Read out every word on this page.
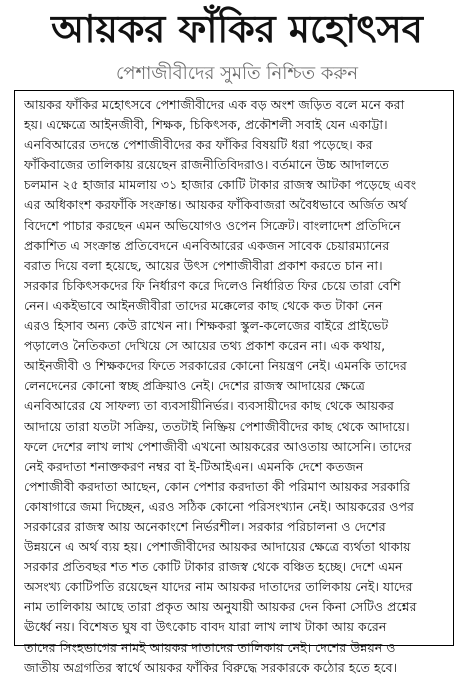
আয়কর ফাঁকির মহোৎসব
পেশাজীবীদের সুমতি নিশ্চিত করুন
আয়কর ফাঁকির মহোৎসবে পেশাজীবীদের এক বড় অংশ জড়িত বলে মনে করা
হয়। এক্ষেত্রে আইনজীবী, শিক্ষক, চিকিৎসক, প্রকৌশলী সবাই যেন একাট্টা।
এনবিআরের তদন্তে পেশাজীবীদের কর ফাঁকির বিষয়টি ধরা পড়েছে। কর
ফাঁকিবাজের তালিকায় রয়েছেন রাজনীতিবিদরাও। বর্তমানে উচ্চ আদালতে
চলমান ২৫ হাজার মামলায় ৩১ হাজার কোটি টাকার রাজস্ব আটকা পড়েছে এবং
এর অধিকাংশ করফাঁকি সংক্রান্ত। আয়কর ফাঁকিবাজরা অবৈধভাবে অর্জিত অর্থ
বিদেশে পাচার করছেন এমন অভিযোগও ওপেন সিক্রেট। বাংলাদেশ প্রতিদিনে
প্রকাশিত এ সংক্রান্ত প্রতিবেদনে এনবিআরের একজন সাবেক চেয়ারম্যানের
বরাত দিয়ে বলা হয়েছে, আয়ের উৎস পেশাজীবীরা প্রকাশ করতে চান না।
সরকার চিকিৎসকদের ফি নির্ধারণ করে দিলেও নির্ধারিত ফির চেয়ে তারা বেশি
নেন। একইভাবে আইনজীবীরা তাদের মক্কেলের কাছ থেকে কত টাকা নেন
এরও হিসাব অন্য কেউ রাখেন না। শিক্ষকরা স্কুল-কলেজের বাইরে প্রাইভেট
পড়ালেও নৈতিকতা দেখিয়ে সে আয়ের তথ্য প্রকাশ করেন না। এক কথায়,
আইনজীবী ও শিক্ষকদের ফিতে সরকারের কোনো নিয়ন্ত্রণ নেই। এমনকি তাদের
লেনদেনের কোনো স্বচ্ছ প্রক্রিয়াও নেই। দেশের রাজস্ব আদায়ের ক্ষেত্রে
এনবিআরের যে সাফল্য তা ব্যবসায়ীনির্ভর। ব্যবসায়ীদের কাছ থেকে আয়কর
আদায়ে তারা যতটা সক্রিয়, ততটাই নিষ্ক্রিয় পেশাজীবীদের কাছ থেকে আদায়ে।
ফলে দেশের লাখ লাখ পেশাজীবী এখনো আয়করের আওতায় আসেনি। তাদের
নেই করদাতা শনাক্তকরণ নম্বর বা ই-টিআইএন। এমনকি দেশে কতজন
পেশাজীবী করদাতা আছেন, কোন পেশার করদাতা কী পরিমাণ আয়কর সরকারি
কোষাগারে জমা দিচ্ছেন, এরও সঠিক কোনো পরিসংখ্যান নেই। আয়করের ওপর
সরকারের রাজস্ব আয় অনেকাংশে নির্ভরশীল। সরকার পরিচালনা ও দেশের
উন্নয়নে এ অর্থ ব্যয় হয়। পেশাজীবীদের আয়কর আদায়ের ক্ষেত্রে ব্যর্থতা থাকায়
সরকার প্রতিবছর শত শত কোটি টাকার রাজস্ব থেকে বঞ্চিত হচ্ছে। দেশে এমন
অসংখ্য কোটিপতি রয়েছেন যাদের নাম আয়কর দাতাদের তালিকায় নেই। যাদের
নাম তালিকায় আছে তারা প্রকৃত আয় অনুযায়ী আয়কর দেন কিনা সেটিও প্রশ্নের
ঊর্ধ্বে নয়। বিশেষত ঘুষ বা উৎকোচ বাবদ যারা লাখ লাখ টাকা আয় করেন
তাদের সিংহভাগের নামই আয়কর দাতাদের তালিকায় নেই। দেশের উন্নয়ন ও
জাতীয় অগ্রগতির স্বার্থে আয়কর ফাঁকির বিরুদ্ধে সরকারকে কঠোর হতে হবে।
